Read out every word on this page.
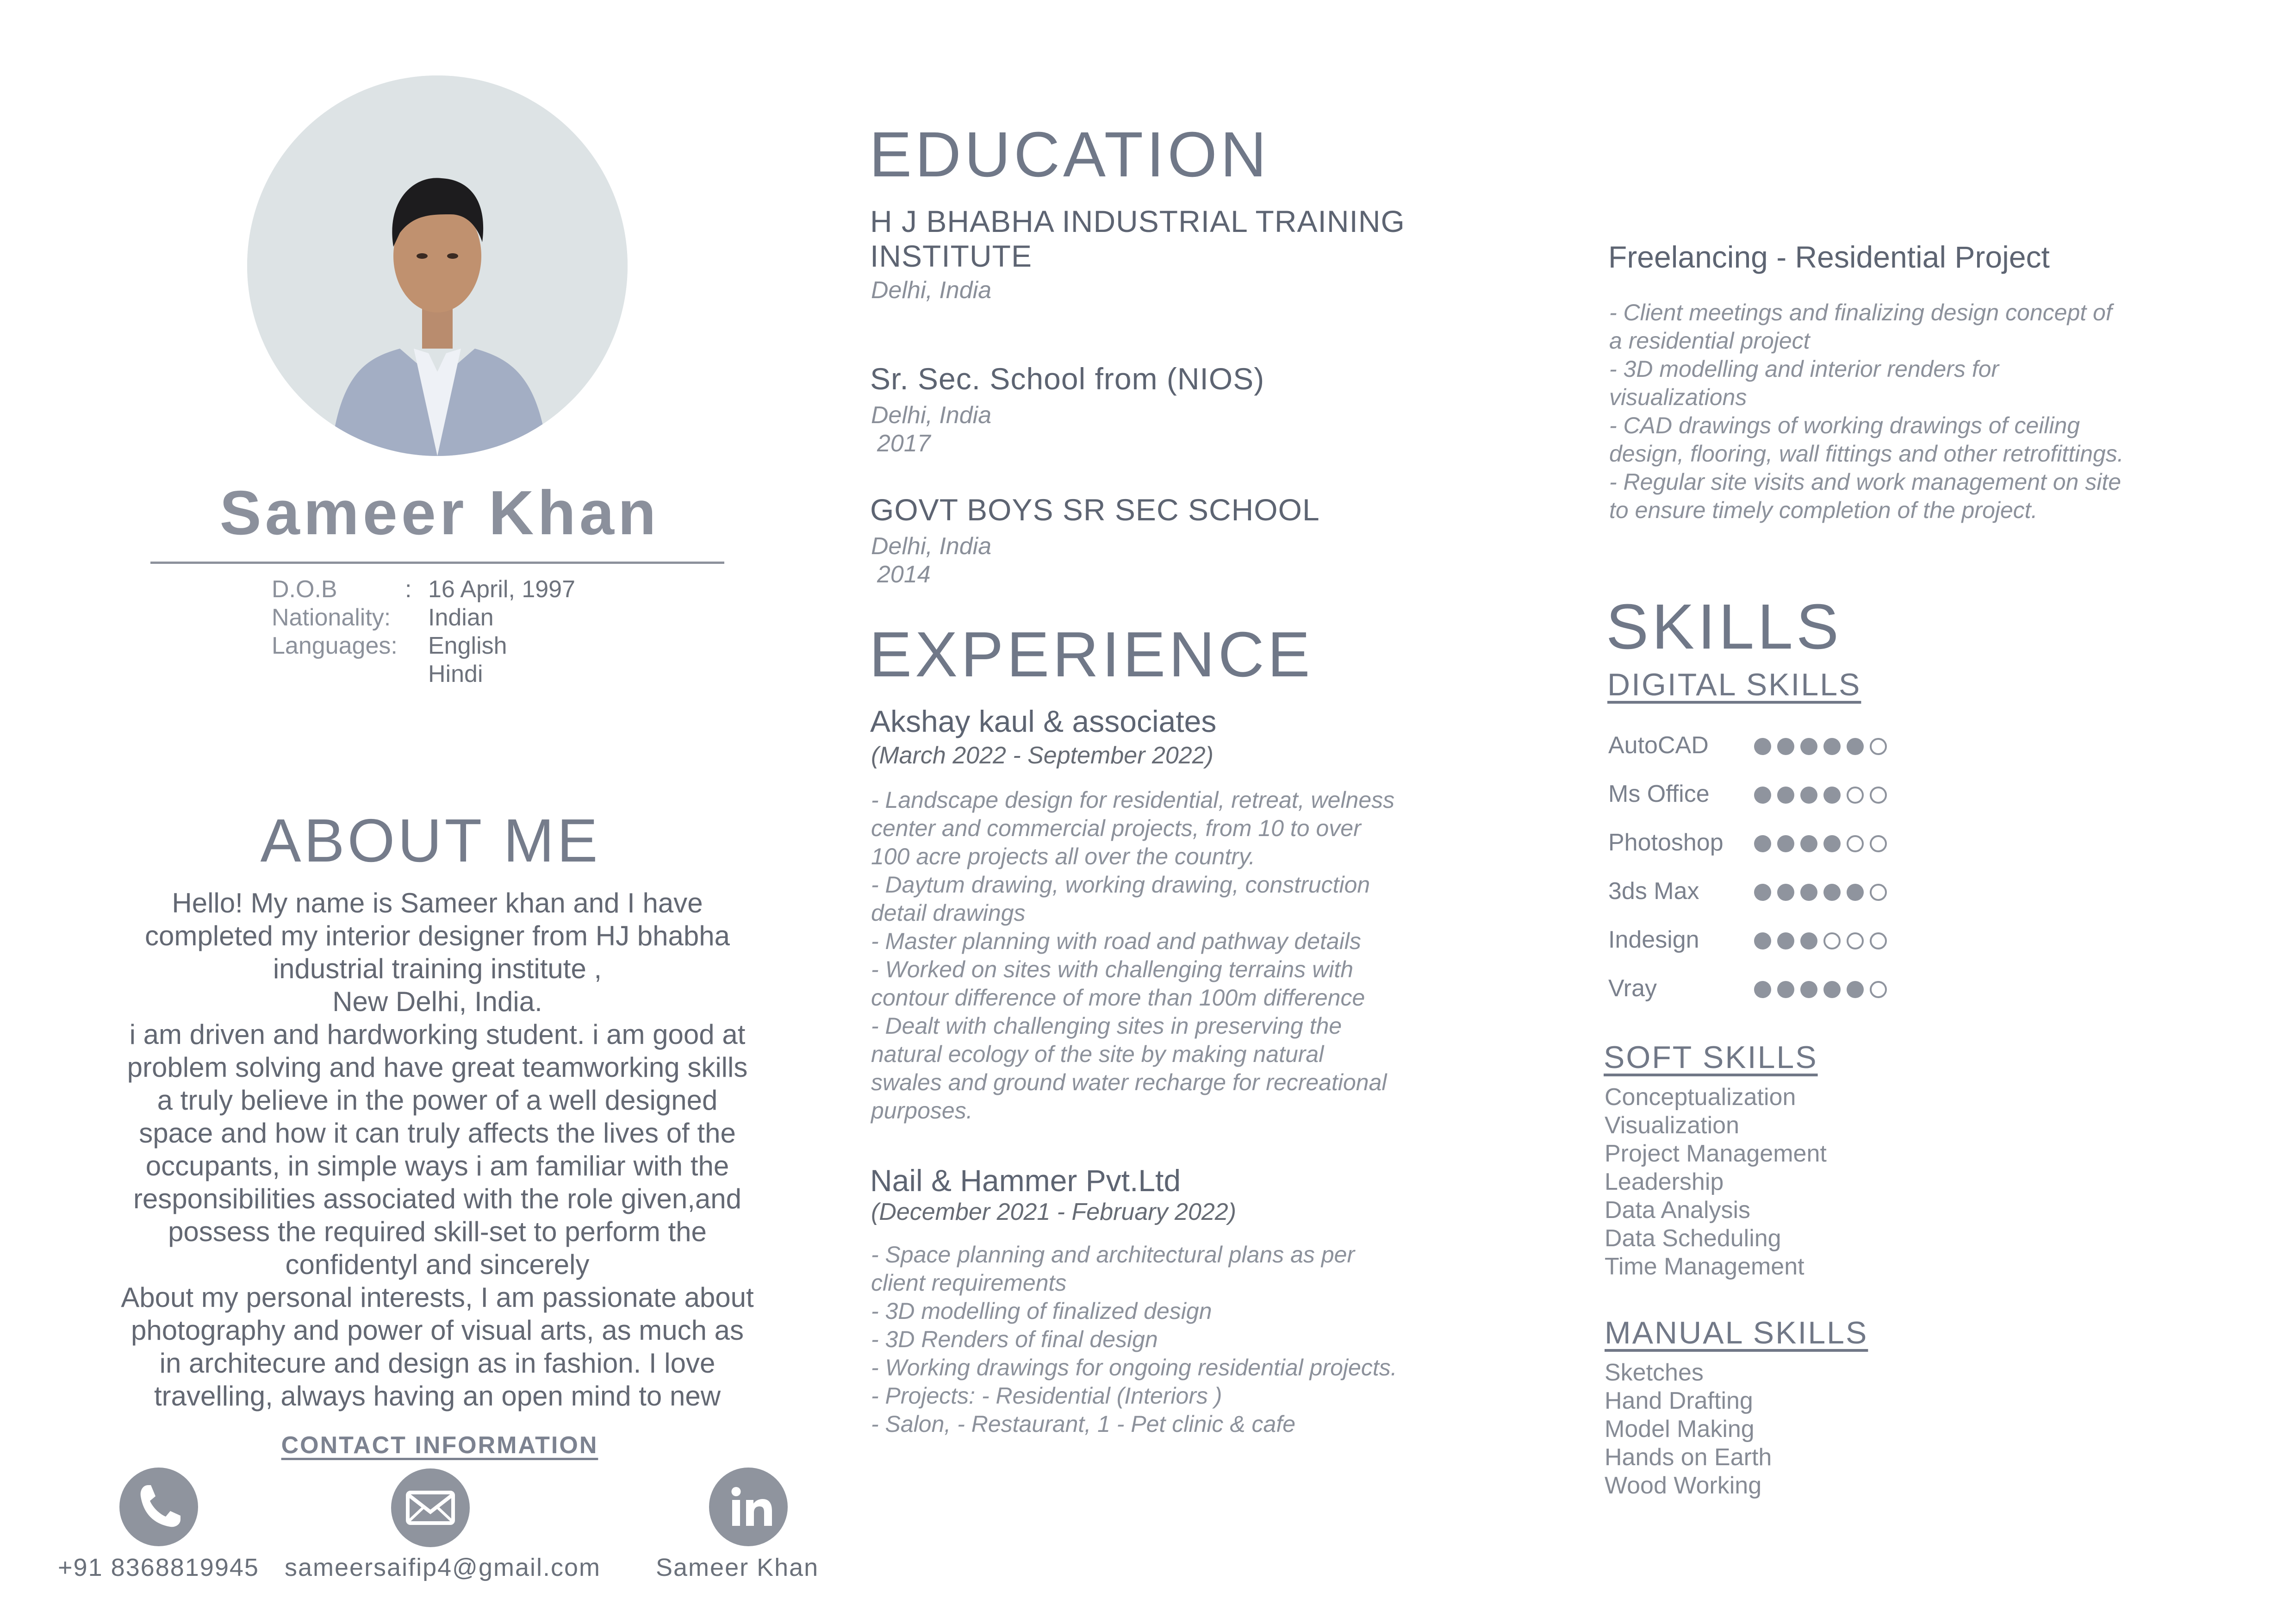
Sameer Khan
D.O.B	: 16 April, 1997
Nationality: Indian
Languages: English
Hindi
ABOUT ME
Hello! My name is Sameer khan and I have
completed my interior designer from HJ bhabha
industrial training institute ,
New Delhi, India.
i am driven and hardworking student. i am good at
problem solving and have great teamworking skills
a truly believe in the power of a well designed
space and how it can truly affects the lives of the
occupants, in simple ways i am familiar with the
responsibilities associated with the role given,and
possess the required skill-set to perform the
confidentyl and sincerely
About my personal interests, I am passionate about
photography and power of visual arts, as much as
in architecure and design as in fashion. I love
travelling, always having an open mind to new
CONTACT INFORMATION
+91 8368819945 sameersaifip4@gmail.com Sameer Khan
EDUCATION
H J BHABHA INDUSTRIAL TRAINING
INSTITUTE
Delhi, India
Sr. Sec. School from (NIOS)
Delhi, India
2017
GOVT BOYS SR SEC SCHOOL
Delhi, India
2014
EXPERIENCE
Akshay kaul & associates
(March 2022 - September 2022)
- Landscape design for residential, retreat, welness
center and commercial projects, from 10 to over
100 acre projects all over the country.
- Daytum drawing, working drawing, construction
detail drawings
- Master planning with road and pathway details
- Worked on sites with challenging terrains with
contour difference of more than 100m difference
- Dealt with challenging sites in preserving the
natural ecology of the site by making natural
swales and ground water recharge for recreational
purposes.
Nail & Hammer Pvt.Ltd
(December 2021 - February 2022)
- Space planning and architectural plans as per
client requirements
- 3D modelling of finalized design
- 3D Renders of final design
- Working drawings for ongoing residential projects.
- Projects: - Residential (Interiors )
- Salon, - Restaurant, 1 - Pet clinic & cafe
Freelancing - Residential Project
- Client meetings and finalizing design concept of
a residential project
- 3D modelling and interior renders for
visualizations
- CAD drawings of working drawings of ceiling
design, flooring, wall fittings and other retrofittings.
- Regular site visits and work management on site
to ensure timely completion of the project.
SKILLS
DIGITAL SKILLS
AutoCAD
Ms Office
Photoshop
3ds Max
Indesign
Vray
SOFT SKILLS
Conceptualization
Visualization
Project Management
Leadership
Data Analysis
Data Scheduling
Time Management
MANUAL SKILLS
Sketches
Hand Drafting
Model Making
Hands on Earth
Wood Working
